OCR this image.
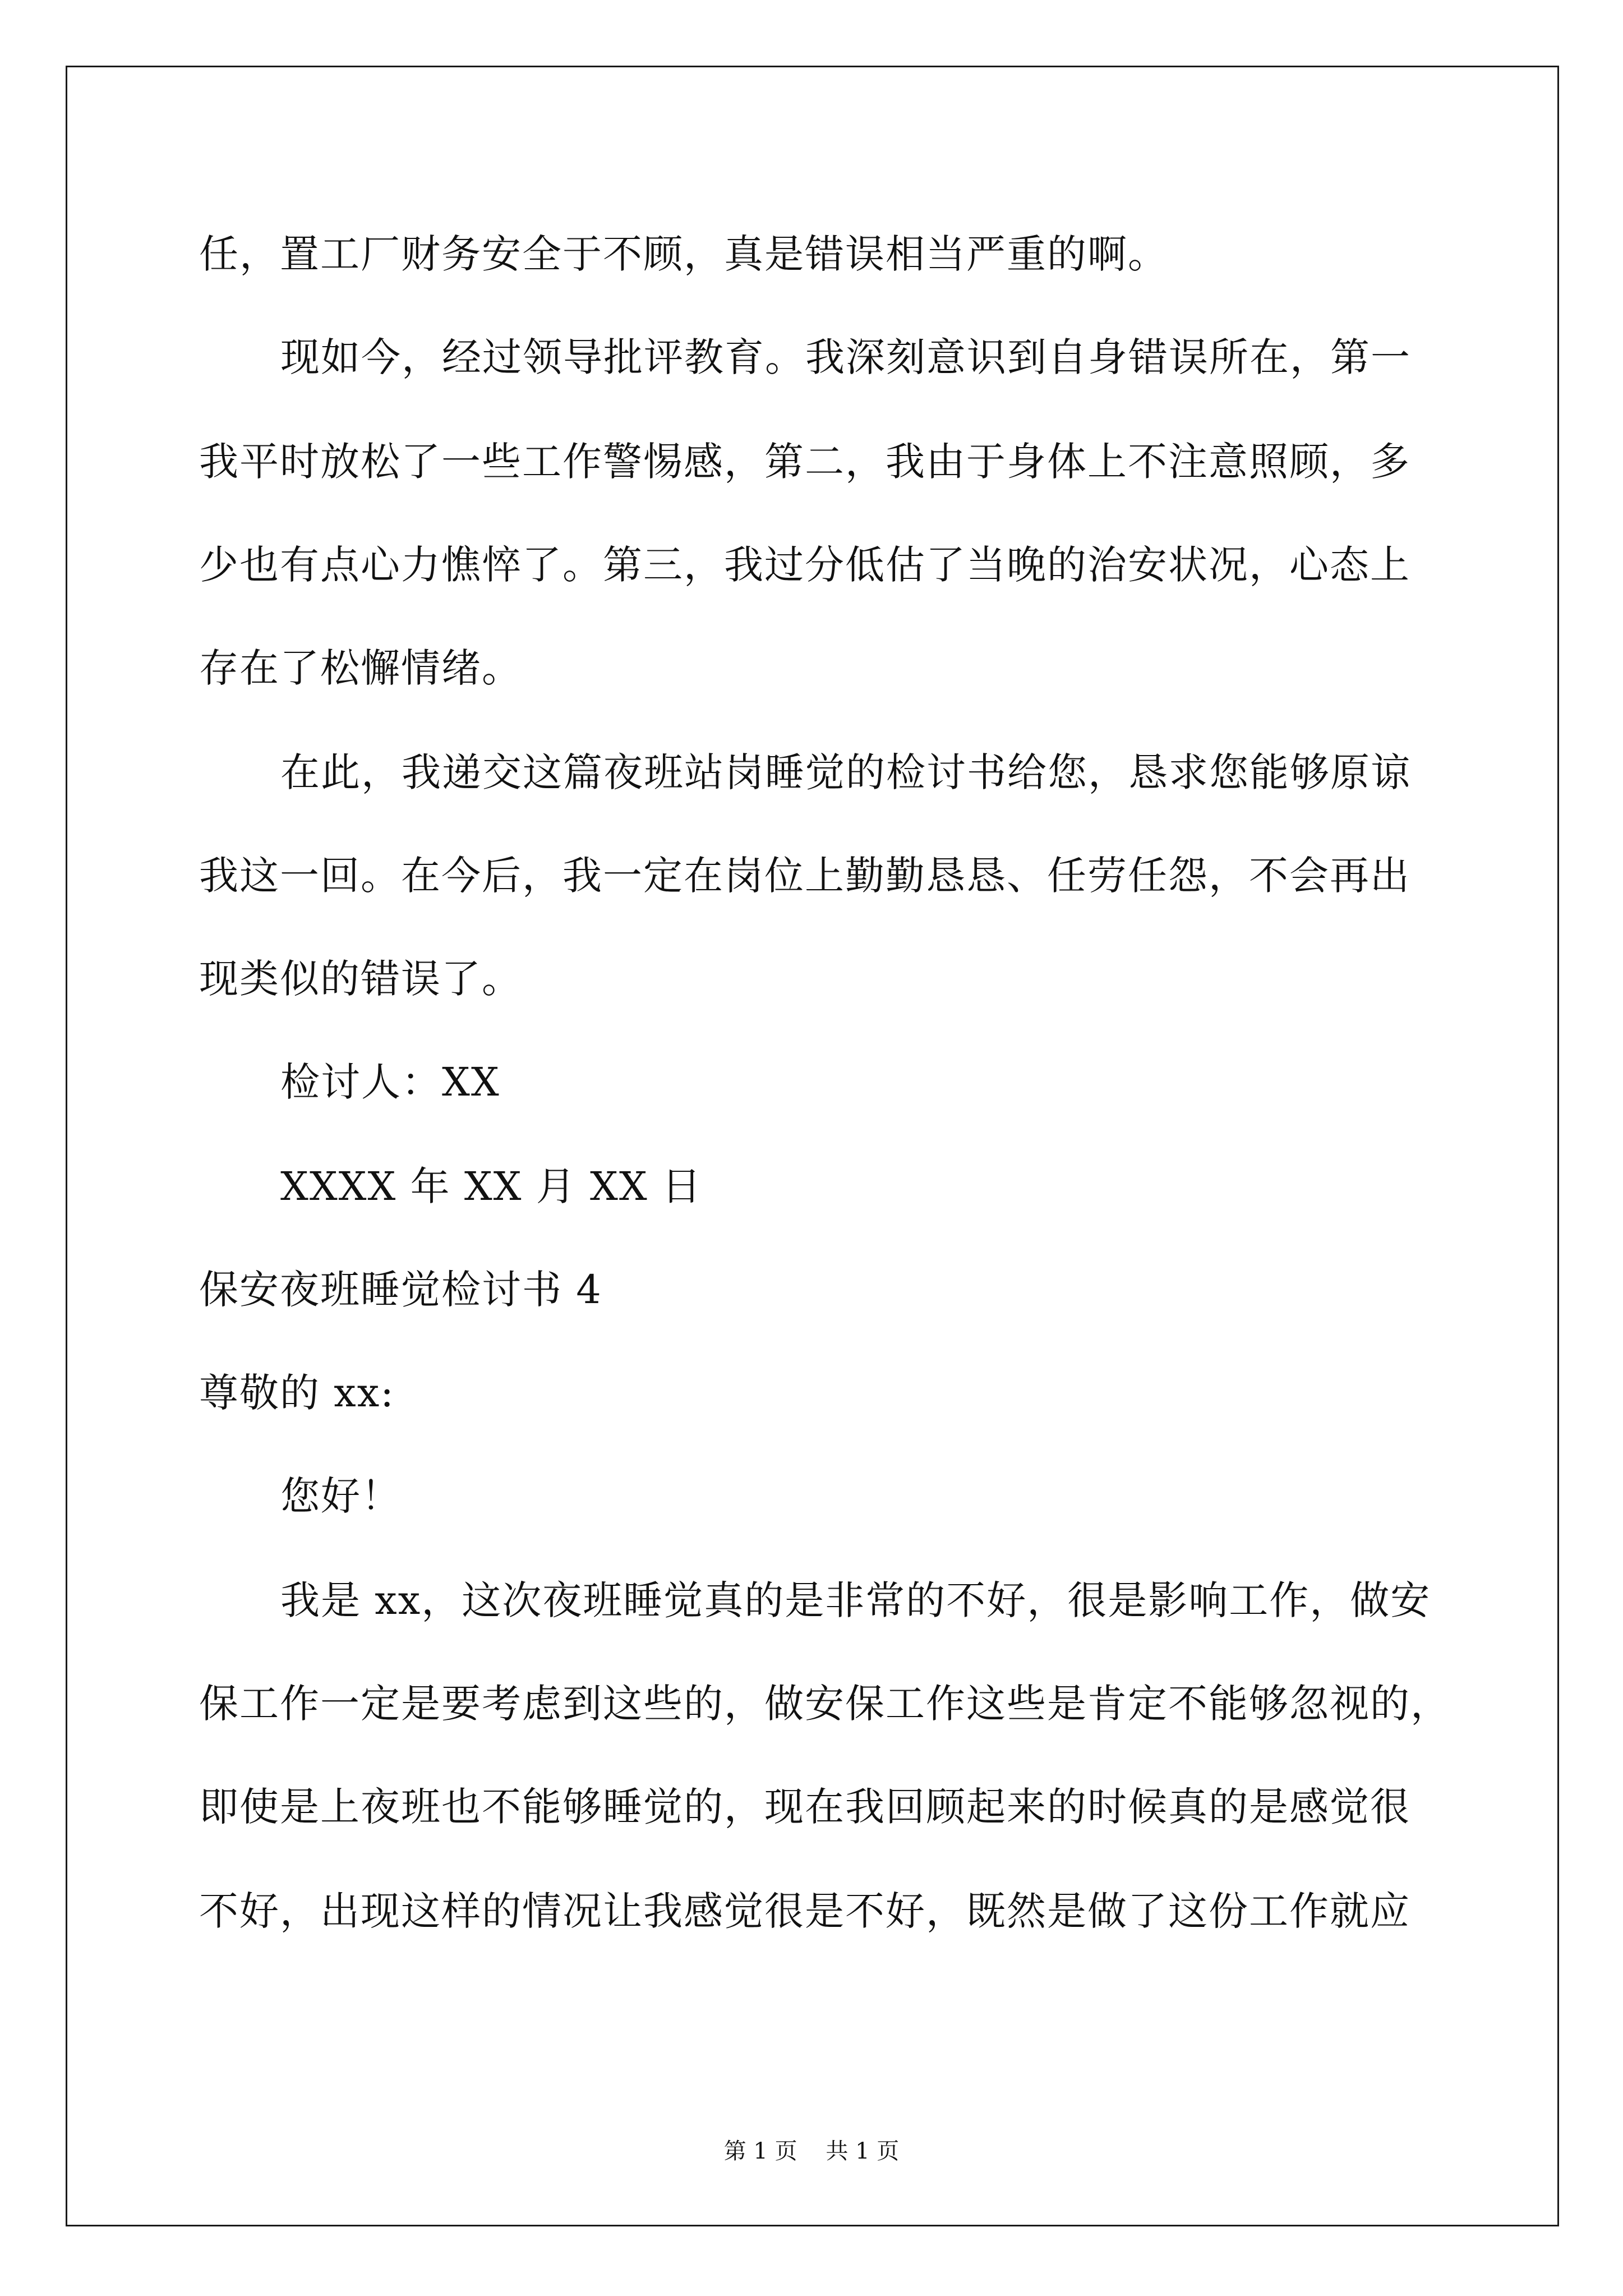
任，置工厂财务安全于不顾，真是错误相当严重的啊。

现如今，经过领导批评教育。我深刻意识到自身错误所在，第一

我平时放松了一些工作警惕感，第二，我由于身体上不注意照顾，多

少也有点心力憔悴了。第三，我过分低估了当晚的治安状况，心态上

存在了松懈情绪。

在此，我递交这篇夜班站岗睡觉的检讨书给您，恳求您能够原谅

我这一回。在今后，我一定在岗位上勤勤恳恳、任劳任怨，不会再出

现类似的错误了。

检讨人：XX

XXXX 年 XX 月 XX 日

保安夜班睡觉检讨书 4

尊敬的 xx:

您好！

我是 xx，这次夜班睡觉真的是非常的不好，很是影响工作，做安

保工作一定是要考虑到这些的，做安保工作这些是肯定不能够忽视的，

即使是上夜班也不能够睡觉的，现在我回顾起来的时候真的是感觉很

不好，出现这样的情况让我感觉很是不好，既然是做了这份工作就应

第 1 页    共 1 页
